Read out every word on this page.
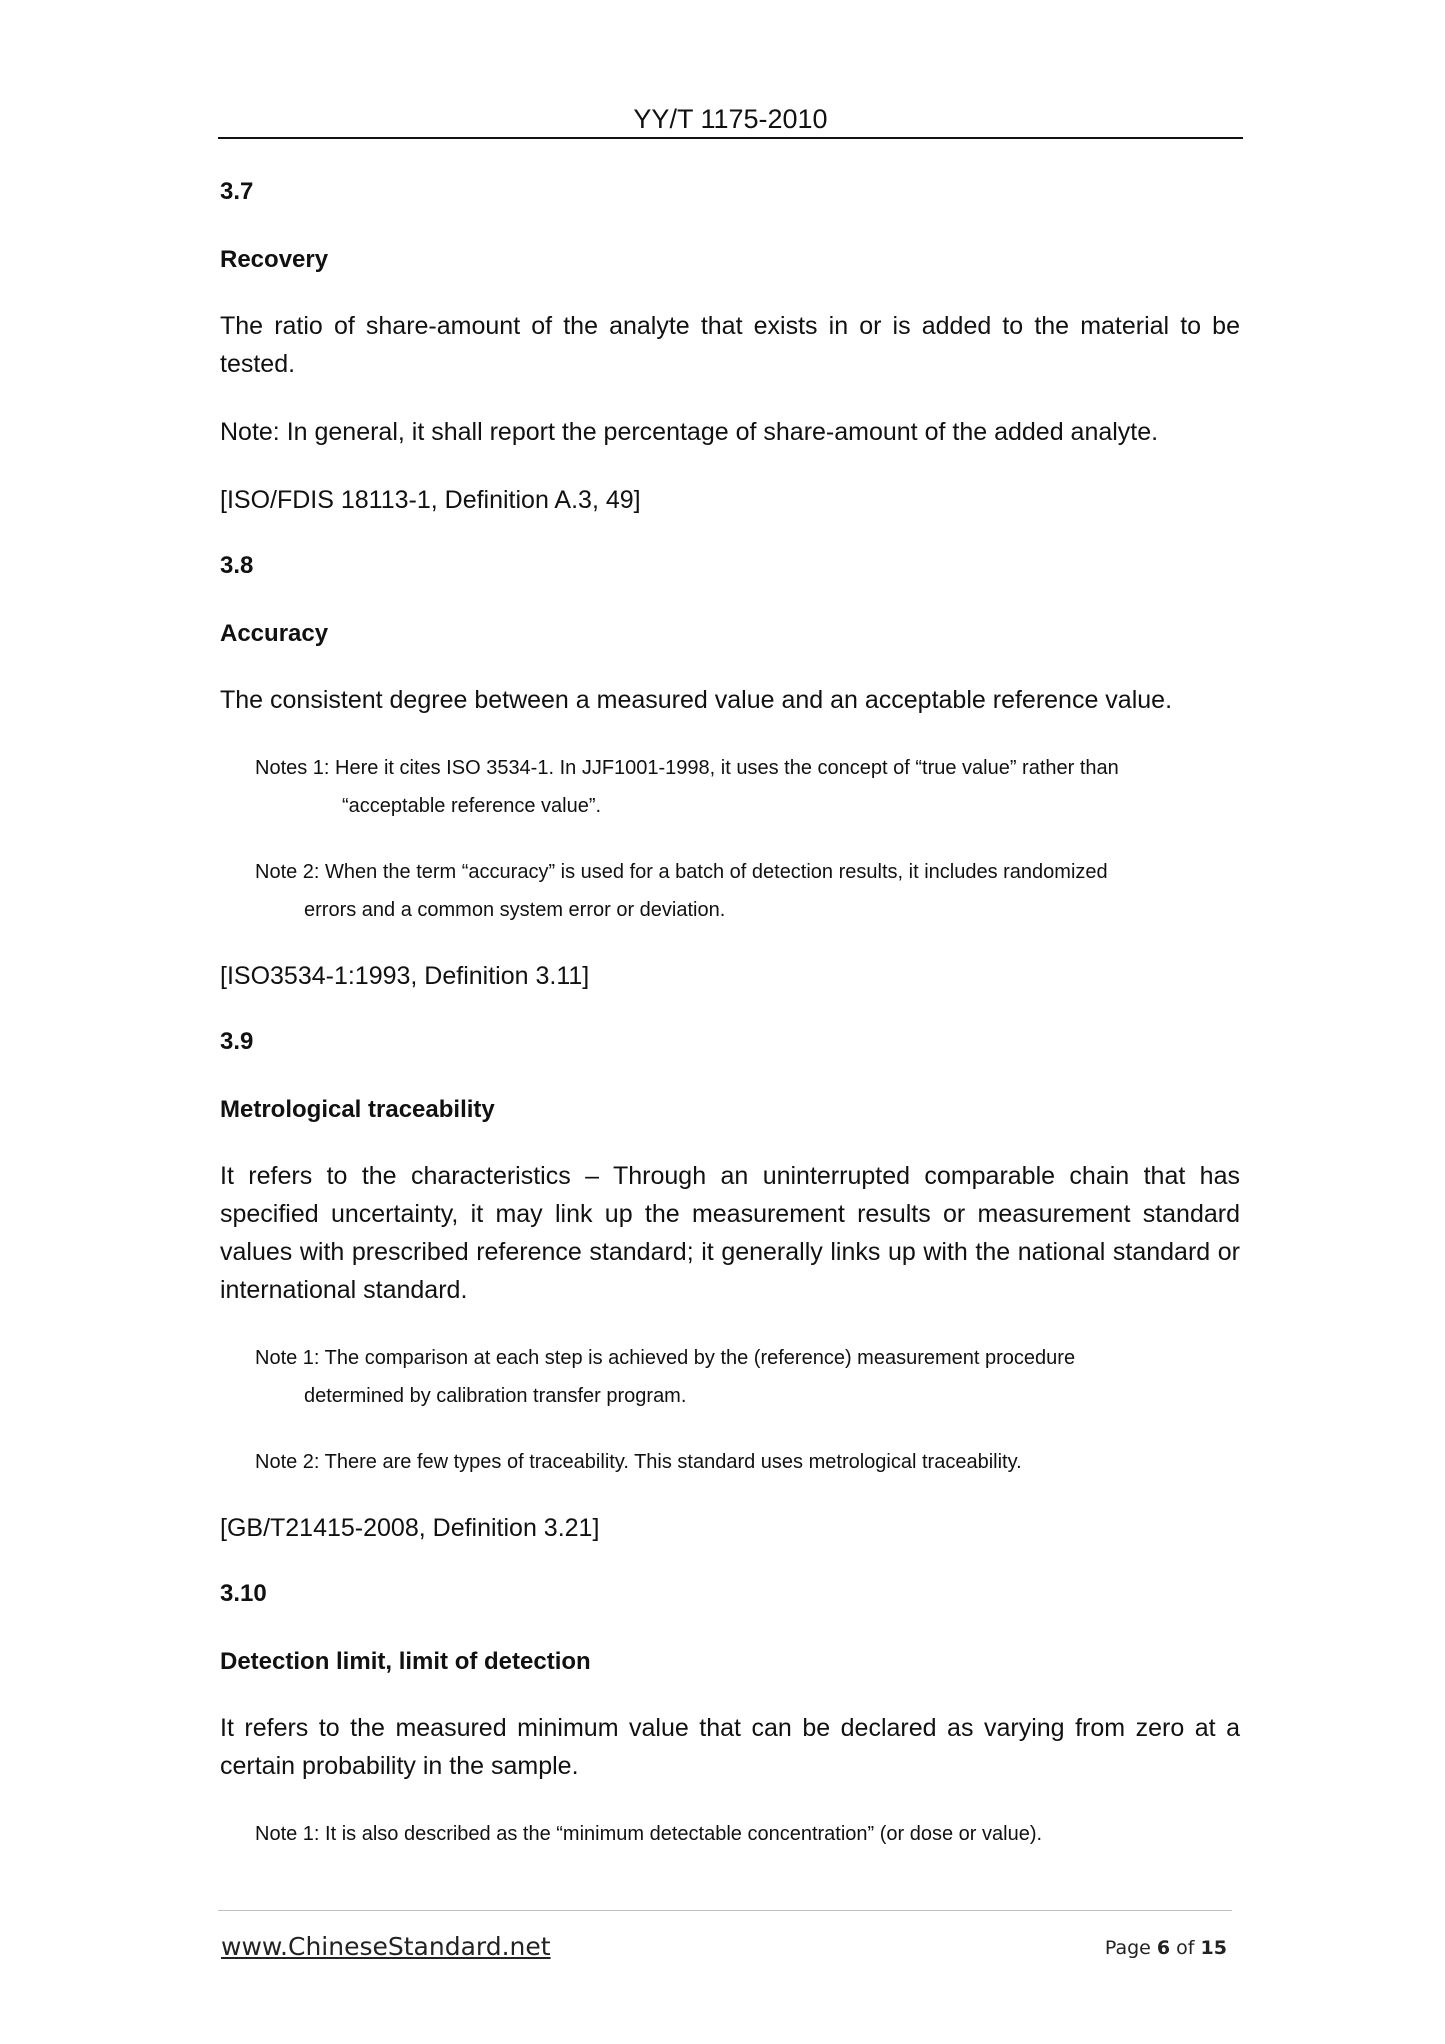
YY/T 1175-2010

3.7

Recovery

The ratio of share-amount of the analyte that exists in or is added to the material to be tested.

Note: In general, it shall report the percentage of share-amount of the added analyte.

[ISO/FDIS 18113-1, Definition A.3, 49]

3.8

Accuracy

The consistent degree between a measured value and an acceptable reference value.

Notes 1: Here it cites ISO 3534-1. In JJF1001-1998, it uses the concept of “true value” rather than
“acceptable reference value”.
Note 2: When the term “accuracy” is used for a batch of detection results, it includes randomized
errors and a common system error or deviation.

[ISO3534-1:1993, Definition 3.11]

3.9

Metrological traceability

It refers to the characteristics – Through an uninterrupted comparable chain that has specified uncertainty, it may link up the measurement results or measurement standard values with prescribed reference standard; it generally links up with the national standard or international standard.

Note 1: The comparison at each step is achieved by the (reference) measurement procedure
determined by calibration transfer program.
Note 2: There are few types of traceability. This standard uses metrological traceability.

[GB/T21415-2008, Definition 3.21]

3.10

Detection limit, limit of detection

It refers to the measured minimum value that can be declared as varying from zero at a certain probability in the sample.

Note 1: It is also described as the “minimum detectable concentration” (or dose or value).
www.ChineseStandard.net	Page 6 of 15
